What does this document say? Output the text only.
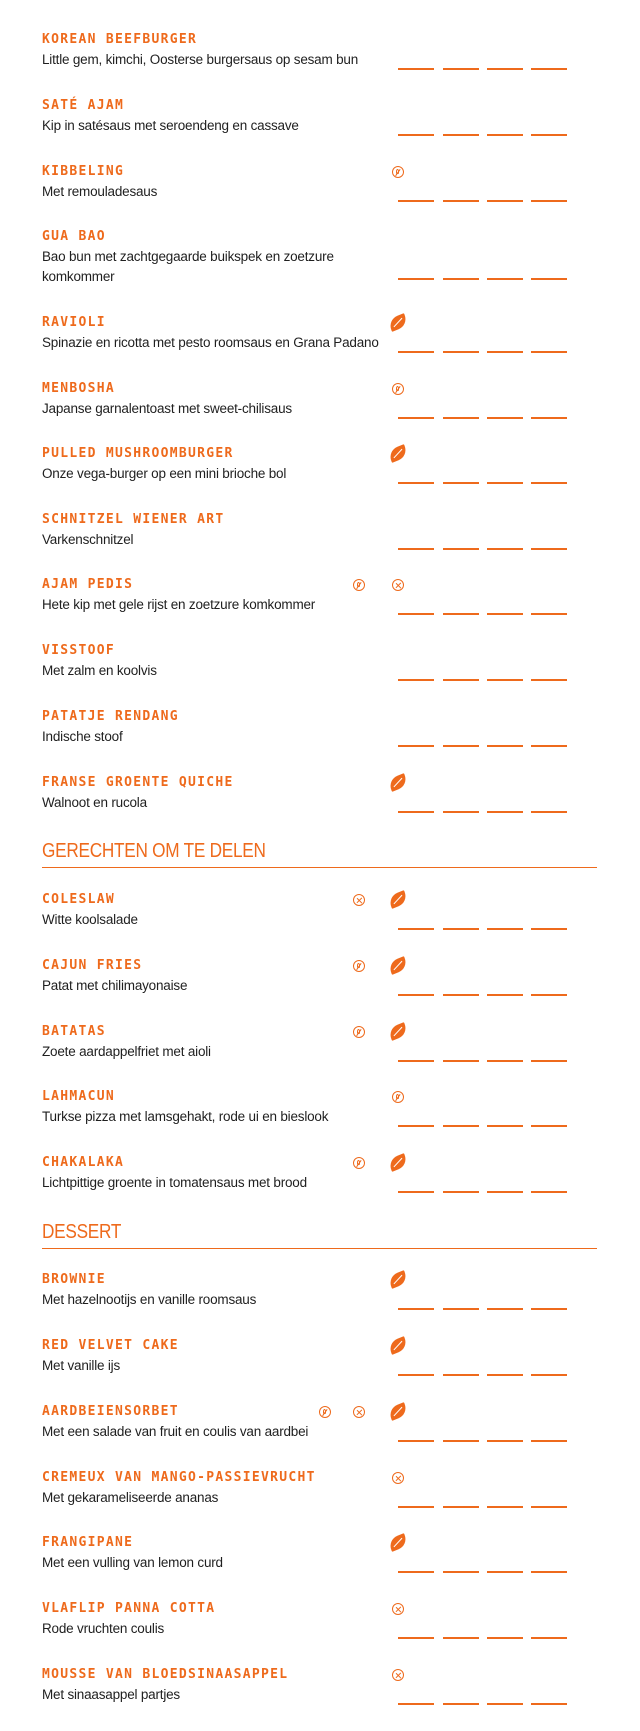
KOREAN BEEFBURGER
Little gem, kimchi, Oosterse burgersaus op sesam bun
SATÉ AJAM
Kip in satésaus met seroendeng en cassave
KIBBELING
Met remouladesaus
GUA BAO
Bao bun met zachtgegaarde buikspek en zoetzure komkommer
RAVIOLI
Spinazie en ricotta met pesto roomsaus en Grana Padano
MENBOSHA
Japanse garnalentoast met sweet-chilisaus
PULLED MUSHROOMBURGER
Onze vega-burger op een mini brioche bol
SCHNITZEL WIENER ART
Varkenschnitzel
AJAM PEDIS
Hete kip met gele rijst en zoetzure komkommer
VISSTOOF
Met zalm en koolvis
PATATJE RENDANG
Indische stoof
FRANSE GROENTE QUICHE
Walnoot en rucola
GERECHTEN OM TE DELEN
COLESLAW
Witte koolsalade
CAJUN FRIES
Patat met chilimayonaise
BATATAS
Zoete aardappelfriet met aioli
LAHMACUN
Turkse pizza met lamsgehakt, rode ui en bieslook
CHAKALAKA
Lichtpittige groente in tomatensaus met brood
DESSERT
BROWNIE
Met hazelnootijs en vanille roomsaus
RED VELVET CAKE
Met vanille ijs
AARDBEIENSORBET
Met een salade van fruit en coulis van aardbei
CREMEUX VAN MANGO-PASSIEVRUCHT
Met gekarameliseerde ananas
FRANGIPANE
Met een vulling van lemon curd
VLAFLIP PANNA COTTA
Rode vruchten coulis
MOUSSE VAN BLOEDSINAASAPPEL
Met sinaasappel partjes
